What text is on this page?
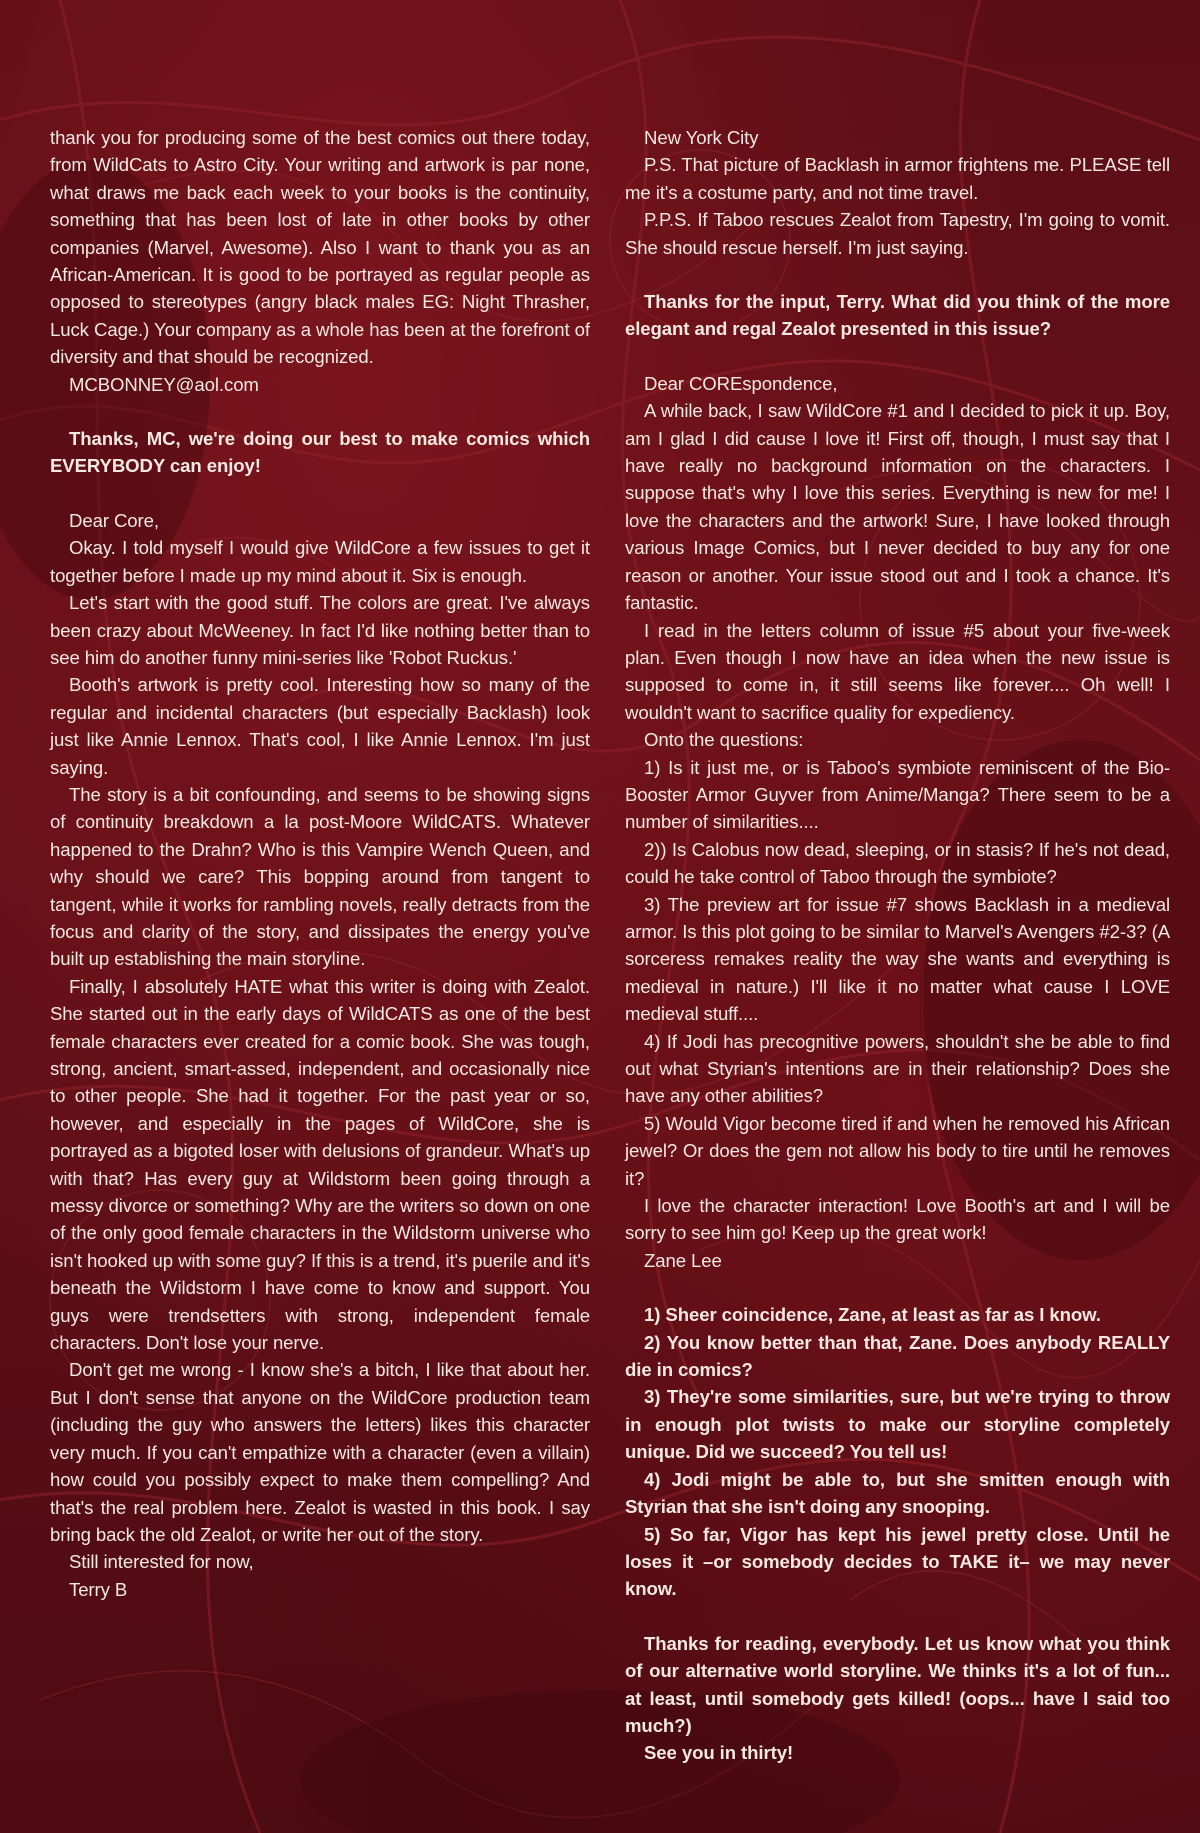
thank you for producing some of the best comics out there today, from WildCats to Astro City. Your writing and artwork is par none, what draws me back each week to your books is the continuity, something that has been lost of late in other books by other companies (Marvel, Awesome). Also I want to thank you as an African-American. It is good to be portrayed as regular people as opposed to stereotypes (angry black males EG: Night Thrasher, Luck Cage.) Your company as a whole has been at the forefront of diversity and that should be recognized.

MCBONNEY@aol.com

Thanks, MC, we're doing our best to make comics which EVERYBODY can enjoy!

Dear Core,

Okay. I told myself I would give WildCore a few issues to get it together before I made up my mind about it. Six is enough.

Let's start with the good stuff. The colors are great. I've always been crazy about McWeeney. In fact I'd like nothing better than to see him do another funny mini-series like 'Robot Ruckus.'

Booth's artwork is pretty cool. Interesting how so many of the regular and incidental characters (but especially Backlash) look just like Annie Lennox. That's cool, I like Annie Lennox. I'm just saying.

The story is a bit confounding, and seems to be showing signs of continuity breakdown a la post-Moore WildCATS. Whatever happened to the Drahn? Who is this Vampire Wench Queen, and why should we care? This bopping around from tangent to tangent, while it works for rambling novels, really detracts from the focus and clarity of the story, and dissipates the energy you've built up establishing the main storyline.

Finally, I absolutely HATE what this writer is doing with Zealot. She started out in the early days of WildCATS as one of the best female characters ever created for a comic book. She was tough, strong, ancient, smart-assed, independent, and occasionally nice to other people. She had it together. For the past year or so, however, and especially in the pages of WildCore, she is portrayed as a bigoted loser with delusions of grandeur. What's up with that? Has every guy at Wildstorm been going through a messy divorce or something? Why are the writers so down on one of the only good female characters in the Wildstorm universe who isn't hooked up with some guy? If this is a trend, it's puerile and it's beneath the Wildstorm I have come to know and support. You guys were trendsetters with strong, independent female characters. Don't lose your nerve.

Don't get me wrong - I know she's a bitch, I like that about her. But I don't sense that anyone on the WildCore production team (including the guy who answers the letters) likes this character very much. If you can't empathize with a character (even a villain) how could you possibly expect to make them compelling? And that's the real problem here. Zealot is wasted in this book. I say bring back the old Zealot, or write her out of the story.

Still interested for now,

Terry B

New York City

P.S. That picture of Backlash in armor frightens me. PLEASE tell me it's a costume party, and not time travel.

P.P.S. If Taboo rescues Zealot from Tapestry, I'm going to vomit. She should rescue herself. I'm just saying.

Thanks for the input, Terry. What did you think of the more elegant and regal Zealot presented in this issue?

Dear COREspondence,

A while back, I saw WildCore #1 and I decided to pick it up. Boy, am I glad I did cause I love it! First off, though, I must say that I have really no background information on the characters. I suppose that's why I love this series. Everything is new for me! I love the characters and the artwork! Sure, I have looked through various Image Comics, but I never decided to buy any for one reason or another. Your issue stood out and I took a chance. It's fantastic.

I read in the letters column of issue #5 about your five-week plan. Even though I now have an idea when the new issue is supposed to come in, it still seems like forever.... Oh well! I wouldn't want to sacrifice quality for expediency.

Onto the questions:

1) Is it just me, or is Taboo's symbiote reminiscent of the Bio-Booster Armor Guyver from Anime/Manga? There seem to be a number of similarities....

2)) Is Calobus now dead, sleeping, or in stasis? If he's not dead, could he take control of Taboo through the symbiote?

3) The preview art for issue #7 shows Backlash in a medieval armor. Is this plot going to be similar to Marvel's Avengers #2-3? (A sorceress remakes reality the way she wants and everything is medieval in nature.) I'll like it no matter what cause I LOVE medieval stuff....

4) If Jodi has precognitive powers, shouldn't she be able to find out what Styrian's intentions are in their relationship? Does she have any other abilities?

5) Would Vigor become tired if and when he removed his African jewel? Or does the gem not allow his body to tire until he removes it?

I love the character interaction! Love Booth's art and I will be sorry to see him go! Keep up the great work!

Zane Lee

1) Sheer coincidence, Zane, at least as far as I know.

2) You know better than that, Zane. Does anybody REALLY die in comics?

3) They're some similarities, sure, but we're trying to throw in enough plot twists to make our storyline completely unique. Did we succeed? You tell us!

4) Jodi might be able to, but she smitten enough with Styrian that she isn't doing any snooping.

5) So far, Vigor has kept his jewel pretty close. Until he loses it –or somebody decides to TAKE it– we may never know.

Thanks for reading, everybody. Let us know what you think of our alternative world storyline. We thinks it's a lot of fun... at least, until somebody gets killed! (oops... have I said too much?)

See you in thirty!
